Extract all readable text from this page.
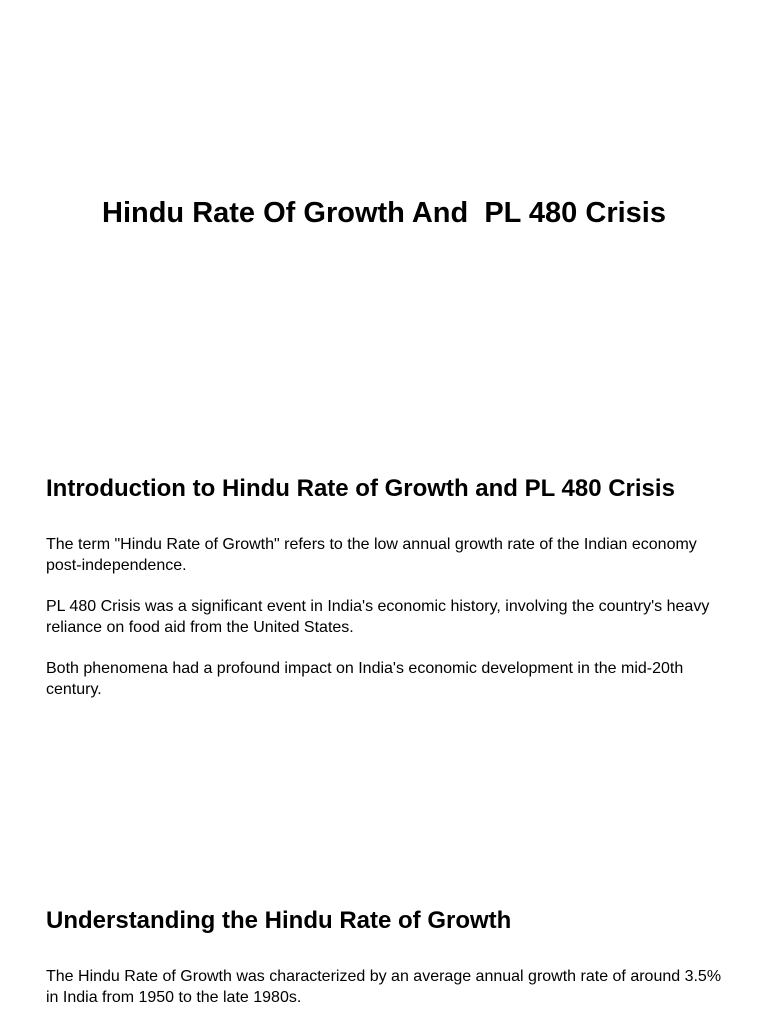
Hindu Rate Of Growth And  PL 480 Crisis
Introduction to Hindu Rate of Growth and PL 480 Crisis

The term "Hindu Rate of Growth" refers to the low annual growth rate of the Indian economy post-independence.

PL 480 Crisis was a significant event in India's economic history, involving the country's heavy reliance on food aid from the United States.

Both phenomena had a profound impact on India's economic development in the mid-20th century.

Understanding the Hindu Rate of Growth

The Hindu Rate of Growth was characterized by an average annual growth rate of around 3.5% in India from 1950 to the late 1980s.
